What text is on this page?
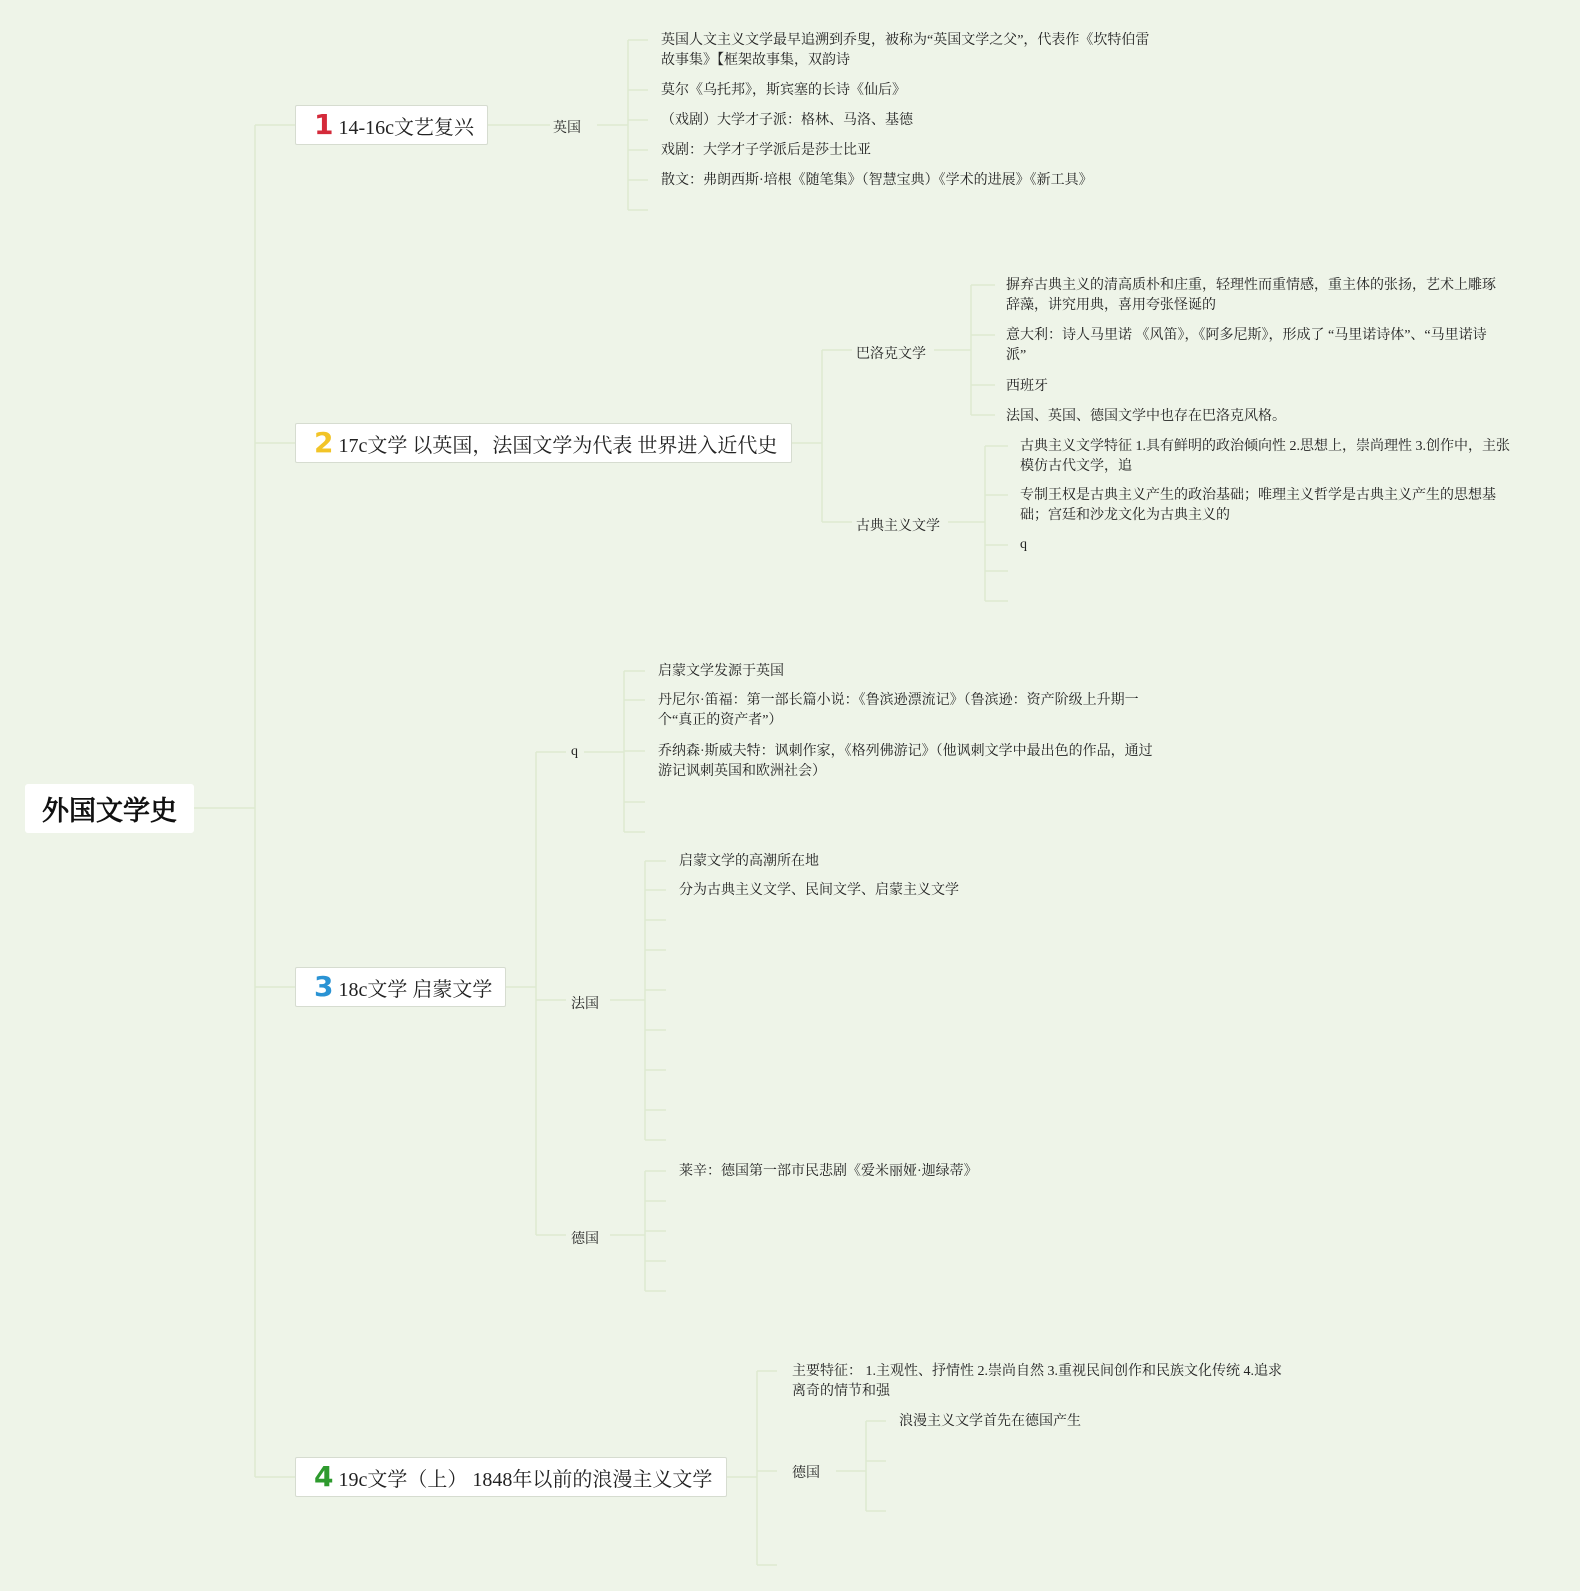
外国文学史
1 14-16c文艺复兴	英国
英国人文主义文学最早追溯到乔叟，被称为“英国文学之父”，代表作《坎特伯雷故事集》【框架故事集，双韵诗
莫尔《乌托邦》，斯宾塞的长诗《仙后》
（戏剧）大学才子派：格林、马洛、基德
戏剧：大学才子学派后是莎士比亚
散文：弗朗西斯·培根《随笔集》（智慧宝典）《学术的进展》《新工具》
2 17c文学 以英国，法国文学为代表 世界进入近代史
巴洛克文学
摒弃古典主义的清高质朴和庄重，轻理性而重情感，重主体的张扬，艺术上雕琢辞藻，讲究用典，喜用夸张怪诞的
意大利：诗人马里诺 《风笛》，《阿多尼斯》，形成了 “马里诺诗体”、“马里诺诗派”
西班牙
法国、英国、德国文学中也存在巴洛克风格。
古典主义文学
古典主义文学特征 1.具有鲜明的政治倾向性 2.思想上，崇尚理性 3.创作中，主张模仿古代文学，追
专制王权是古典主义产生的政治基础；唯理主义哲学是古典主义产生的思想基础；宫廷和沙龙文化为古典主义的
q
3 18c文学 启蒙文学
q
启蒙文学发源于英国
丹尼尔·笛福：第一部长篇小说：《鲁滨逊漂流记》（鲁滨逊：资产阶级上升期一个“真正的资产者”）
乔纳森·斯威夫特：讽刺作家，《格列佛游记》（他讽刺文学中最出色的作品，通过游记讽刺英国和欧洲社会）
法国
启蒙文学的高潮所在地
分为古典主义文学、民间文学、启蒙主义文学
德国
莱辛：德国第一部市民悲剧《爱米丽娅·迦绿蒂》
4 19c文学（上） 1848年以前的浪漫主义文学
主要特征： 1.主观性、抒情性 2.崇尚自然 3.重视民间创作和民族文化传统 4.追求离奇的情节和强
德国
浪漫主义文学首先在德国产生
